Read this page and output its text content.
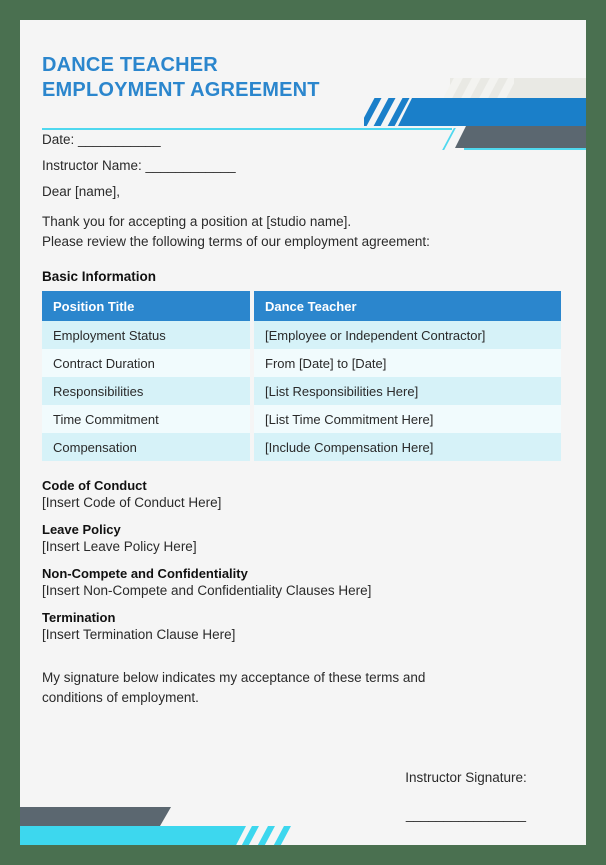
DANCE TEACHER
EMPLOYMENT AGREEMENT
Date: ___________
Instructor Name: ____________
Dear [name],
Thank you for accepting a position at [studio name].
Please review the following terms of our employment agreement:
Basic Information
Position Title		Dance Teacher
Employment Status		[Employee or Independent Contractor]
Contract Duration		From [Date] to [Date]
Responsibilities		[List Responsibilities Here]
Time Commitment		[List Time Commitment Here]
Compensation		[Include Compensation Here]
Code of Conduct
[Insert Code of Conduct Here]
Leave Policy
[Insert Leave Policy Here]
Non-Compete and Confidentiality
[Insert Non-Compete and Confidentiality Clauses Here]
Termination
[Insert Termination Clause Here]
My signature below indicates my acceptance of these terms and
conditions of employment.
Instructor Signature:
________________
